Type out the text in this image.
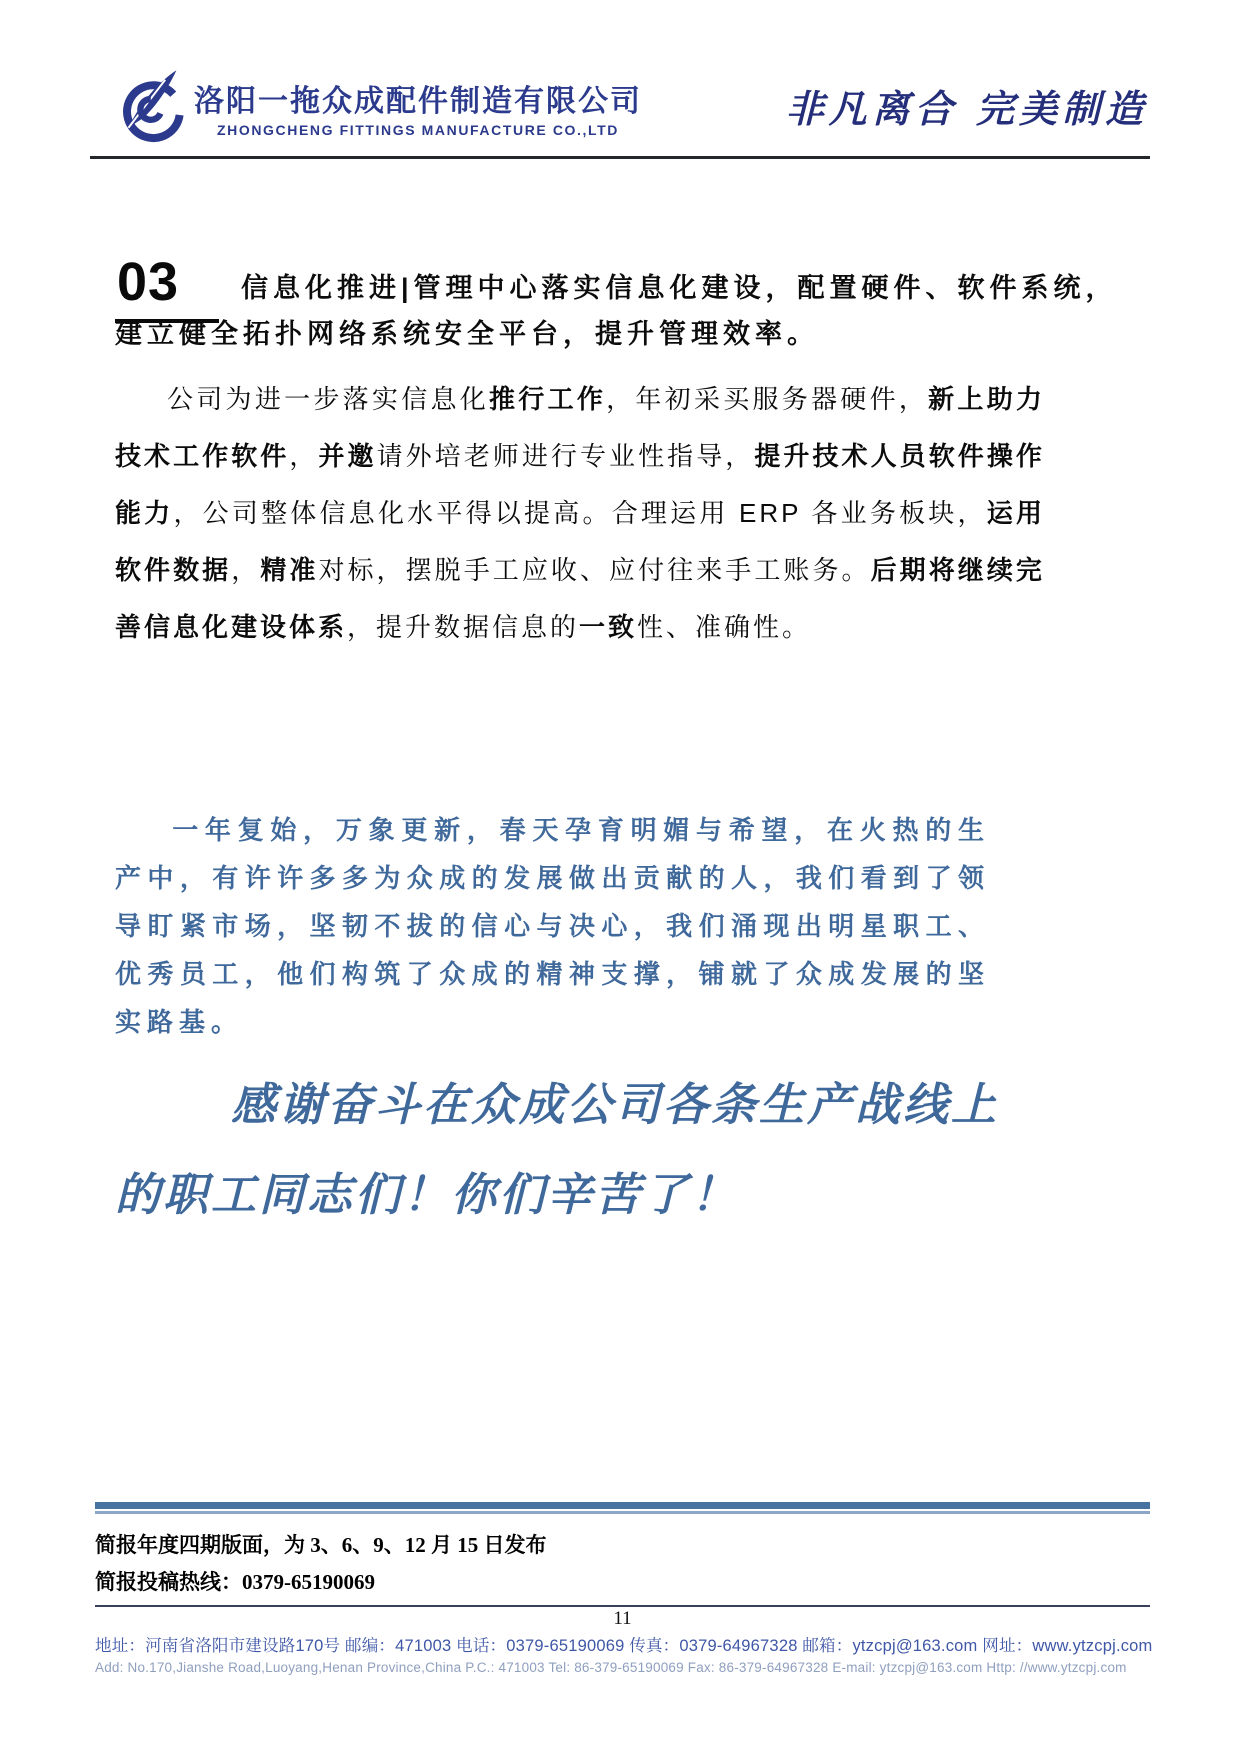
洛阳一拖众成配件制造有限公司
ZHONGCHENG FITTINGS MANUFACTURE CO.,LTD	非凡离合 完美制造
03	信息化推进|管理中心落实信息化建设，配置硬件、软件系统，
建立健全拓扑网络系统安全平台，提升管理效率。
公司为进一步落实信息化推行工作，年初采买服务器硬件，新上助力技术工作软件，并邀请外培老师进行专业性指导，提升技术人员软件操作能力，公司整体信息化水平得以提高。合理运用 ERP 各业务板块，运用软件数据，精准对标，摆脱手工应收、应付往来手工账务。后期将继续完善信息化建设体系，提升数据信息的一致性、准确性。
一年复始，万象更新，春天孕育明媚与希望，在火热的生产中，有许许多多为众成的发展做出贡献的人，我们看到了领导盯紧市场，坚韧不拔的信心与决心，我们涌现出明星职工、优秀员工，他们构筑了众成的精神支撑，铺就了众成发展的坚实路基。
感谢奋斗在众成公司各条生产战线上
的职工同志们！你们辛苦了！
简报年度四期版面，为 3、6、9、12 月 15 日发布
简报投稿热线：0379-65190069
11
地址：河南省洛阳市建设路170号 邮编：471003 电话：0379-65190069 传真：0379-64967328 邮箱：ytzcpj@163.com 网址：www.ytzcpj.com
Add: No.170,Jianshe Road,Luoyang,Henan Province,China P.C.: 471003 Tel: 86-379-65190069 Fax: 86-379-64967328 E-mail: ytzcpj@163.com Http: //www.ytzcpj.com
